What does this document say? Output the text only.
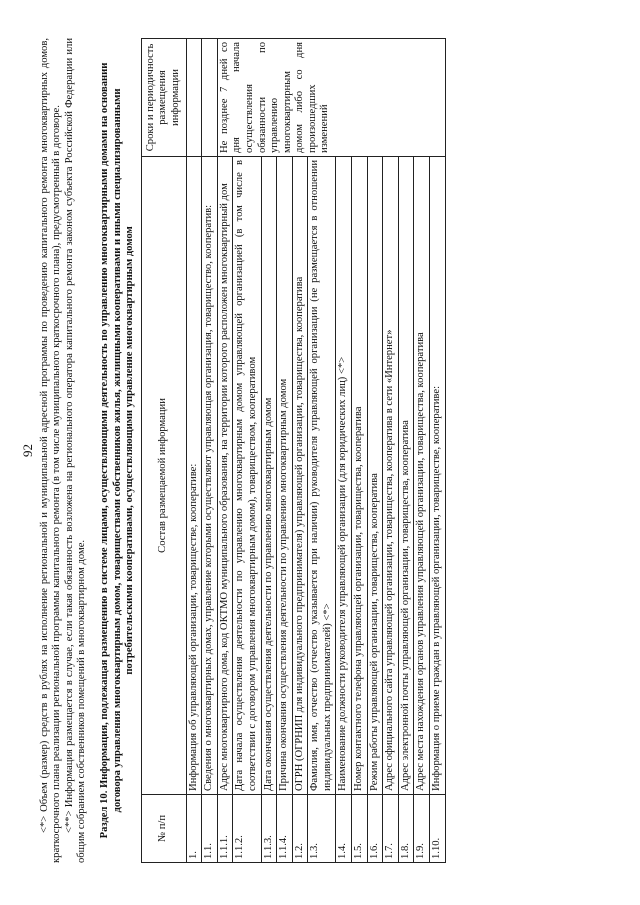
92 <*> Объем (размер) средств в рублях на исполнение региональной и муниципальной адресной программы по проведению капитального ремонта многоквартирных домов, краткосрочного плана реализации региональной программы капитального ремонта (в том числе муниципального краткосрочного плана), предусмотренный в договоре. <**> Информация размещается в случае, если такая обязанность возложена на регионального оператора капитального ремонта законом субъекта Российской Федерации или общим собранием собственников помещений в многоквартирном доме. Раздел 10. Информация, подлежащая размещению в системе лицами, осуществляющими деятельность по управлению многоквартирными домами на основании договора управления многоквартирным домом, товариществами собственников жилья, жилищными кооперативами и иными специализированными потребительскими кооперативами, осуществляющими управление многоквартирным домом
№ п/п	Состав размещаемой информации	Сроки и периодичность размещения информации
1.	Информация об управляющей организации, товариществе, кооперативе:	
1.1.	Сведения о многоквартирных домах, управление которыми осуществляют управляющая организация, товарищество, кооператив:	
1.1.1.	Адрес многоквартирного дома, код ОКТМО муниципального образования, на территории которого расположен многоквартирный дом	Не позднее 7 дней со дня начала осуществления обязанности по управлению многоквартирным домом либо со дня произошедших изменений
1.1.2.	Дата начала осуществления деятельности по управлению многоквартирным домом управляющей организацией (в том числе в соответствии с договором управления многоквартирным домом), товариществом, кооперативом	
1.1.3.	Дата окончания осуществления деятельности по управлению многоквартирным домом	
1.1.4.	Причина окончания осуществления деятельности по управлению многоквартирным домом	
1.2.	ОГРН (ОГРНИП для индивидуального предпринимателя) управляющей организации, товарищества, кооператива	
1.3.	Фамилия, имя, отчество (отчество указывается при наличии) руководителя управляющей организации (не размещается в отношении индивидуальных предпринимателей) <*>	
1.4.	Наименование должности руководителя управляющей организации (для юридических лиц) <*>	
1.5.	Номер контактного телефона управляющей организации, товарищества, кооператива	
1.6.	Режим работы управляющей организации, товарищества, кооператива	
1.7.	Адрес официального сайта управляющей организации, товарищества, кооператива в сети «Интернет»	
1.8.	Адрес электронной почты управляющей организации, товарищества, кооператива	
1.9.	Адрес места нахождения органов управления управляющей организации, товарищества, кооператива	
1.10.	Информация о приеме граждан в управляющей организации, товариществе, кооперативе:	
